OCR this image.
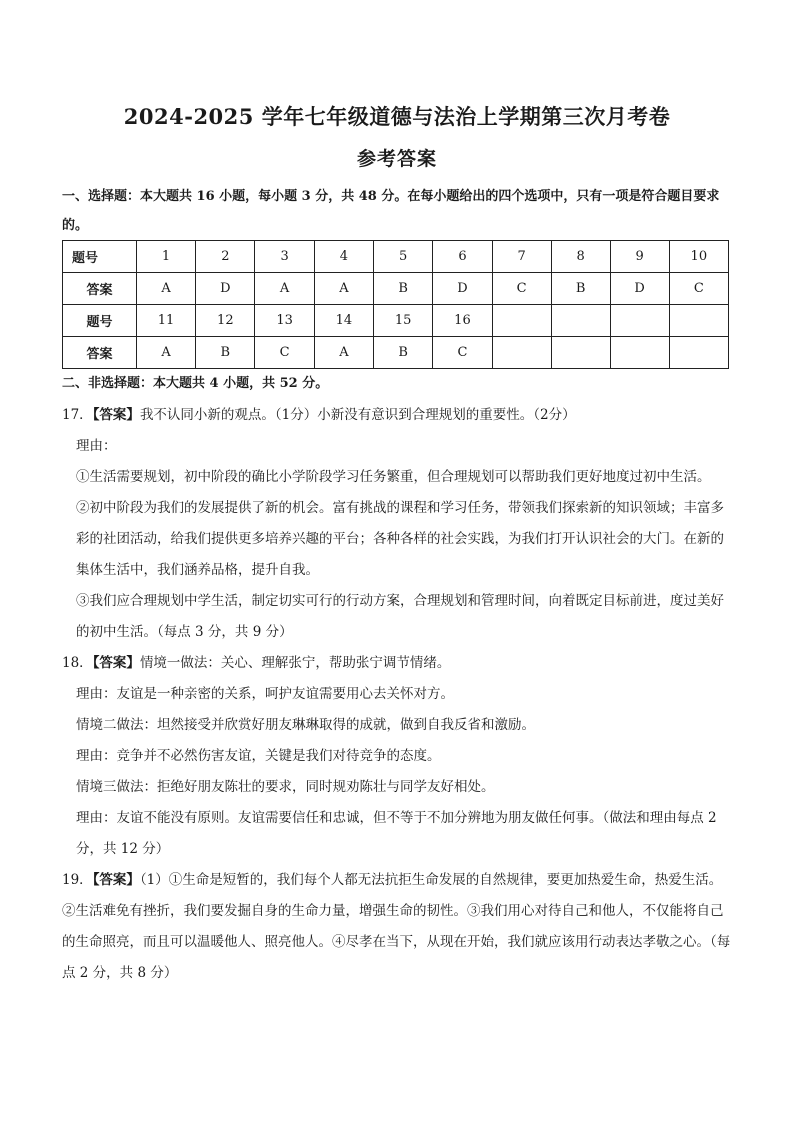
2024-2025 学年七年级道德与法治上学期第三次月考卷
参考答案
一、选择题：本大题共 16 小题，每小题 3 分，共 48 分。在每小题给出的四个选项中，只有一项是符合题目要求的。
题号	1	2	3	4	5	6	7	8	9	10
答案	A	D	A	A	B	D	C	B	D	C
题号	11	12	13	14	15	16				
答案	A	B	C	A	B	C				
二、非选择题：本大题共 4 小题，共 52 分。

17．【答案】我不认同小新的观点。（1分）小新没有意识到合理规划的重要性。（2分）

理由：

①生活需要规划，初中阶段的确比小学阶段学习任务繁重，但合理规划可以帮助我们更好地度过初中生活。

②初中阶段为我们的发展提供了新的机会。富有挑战的课程和学习任务，带领我们探索新的知识领域；丰富多彩的社团活动，给我们提供更多培养兴趣的平台；各种各样的社会实践，为我们打开认识社会的大门。在新的集体生活中，我们涵养品格，提升自我。

③我们应合理规划中学生活，制定切实可行的行动方案，合理规划和管理时间，向着既定目标前进，度过美好的初中生活。（每点 3 分，共 9 分）

18．【答案】情境一做法：关心、理解张宁，帮助张宁调节情绪。

理由：友谊是一种亲密的关系，呵护友谊需要用心去关怀对方。

情境二做法：坦然接受并欣赏好朋友琳琳取得的成就，做到自我反省和激励。

理由：竞争并不必然伤害友谊，关键是我们对待竞争的态度。

情境三做法：拒绝好朋友陈壮的要求，同时规劝陈壮与同学友好相处。

理由：友谊不能没有原则。友谊需要信任和忠诚，但不等于不加分辨地为朋友做任何事。（做法和理由每点 2 分，共 12 分）

19．【答案】（1）①生命是短暂的，我们每个人都无法抗拒生命发展的自然规律，要更加热爱生命，热爱生活。②生活难免有挫折，我们要发掘自身的生命力量，增强生命的韧性。③我们用心对待自己和他人，不仅能将自己的生命照亮，而且可以温暖他人、照亮他人。④尽孝在当下，从现在开始，我们就应该用行动表达孝敬之心。（每点 2 分，共 8 分）
